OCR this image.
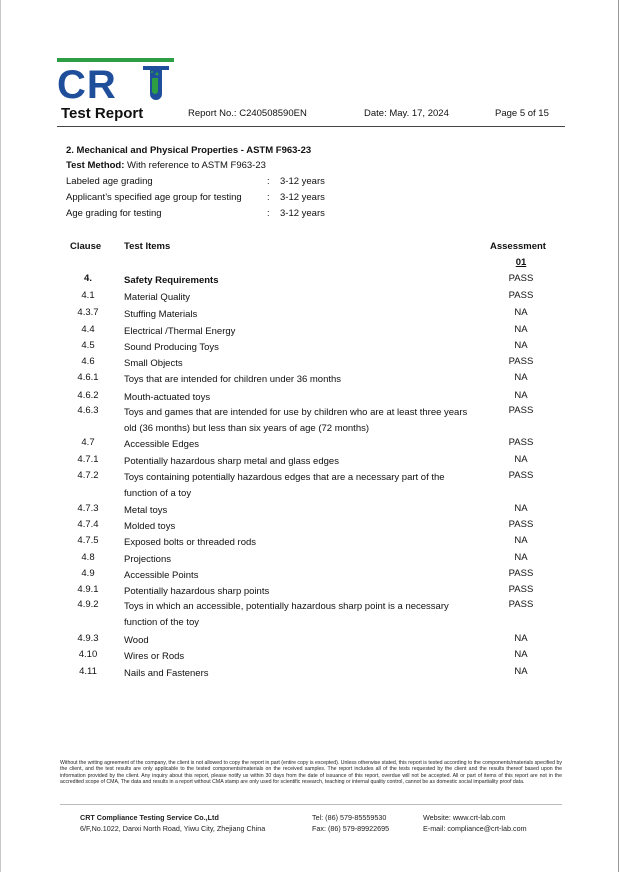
CR
Test Report	Report No.: C240508590EN	Date: May. 17, 2024	Page 5 of 15
2. Mechanical and Physical Properties - ASTM F963-23
Test Method: With reference to ASTM F963-23
Labeled age grading	: 3-12 years
Applicant’s specified age group for testing	: 3-12 years
Age grading for testing	: 3-12 years
Clause Test Items	Assessment
01
4.	Safety Requirements	PASS
4.1	Material Quality	PASS
4.3.7	Stuffing Materials	NA
4.4	Electrical /Thermal Energy	NA
4.5	Sound Producing Toys	NA
4.6	Small Objects	PASS
4.6.1	Toys that are intended for children under 36 months	NA
4.6.2	Mouth-actuated toys	NA
4.6.3	Toys and games that are intended for use by children who are at least three years old (36 months) but less than six years of age (72 months)
PASS
4.7	Accessible Edges	PASS
4.7.1	Potentially hazardous sharp metal and glass edges	NA
4.7.2	Toys containing potentially hazardous edges that are a necessary part of the function of a toy
PASS
4.7.3	Metal toys	NA
4.7.4	Molded toys	PASS
4.7.5	Exposed bolts or threaded rods	NA
4.8	Projections	NA
4.9	Accessible Points	PASS
4.9.1	Potentially hazardous sharp points	PASS
4.9.2	Toys in which an accessible, potentially hazardous sharp point is a necessary function of the toy
PASS
4.9.3	Wood	NA
4.10	Wires or Rods	NA
4.11	Nails and Fasteners	NA
Without the writing agreement of the company, the client is not allowed to copy the report in part (entire copy is excepted). Unless otherwise stated, this report is tested according to the components/materials specified by the client, and the test results are only applicable to the tested components/materials on the received samples. The report includes all of the tests requested by the client and the results thereof based upon the information provided by the client. Any inquiry about this report, please notify us within 30 days from the date of issuance of this report, overdue will not be accepted. All or part of items of this report are not in the accredited scope of CMA, The data and results in a report without CMA stamp are only used for scientific research, teaching or internal quality control, cannot be as domestic social impartiality proof data.
CRT Compliance Testing Service Co.,Ltd
6/F,No.1022, Danxi North Road, Yiwu City, Zhejiang China
Tel: (86) 579-85559530
Fax: (86) 579-89922695
Website: www.crt-lab.com
E-mail: compliance@crt-lab.com
